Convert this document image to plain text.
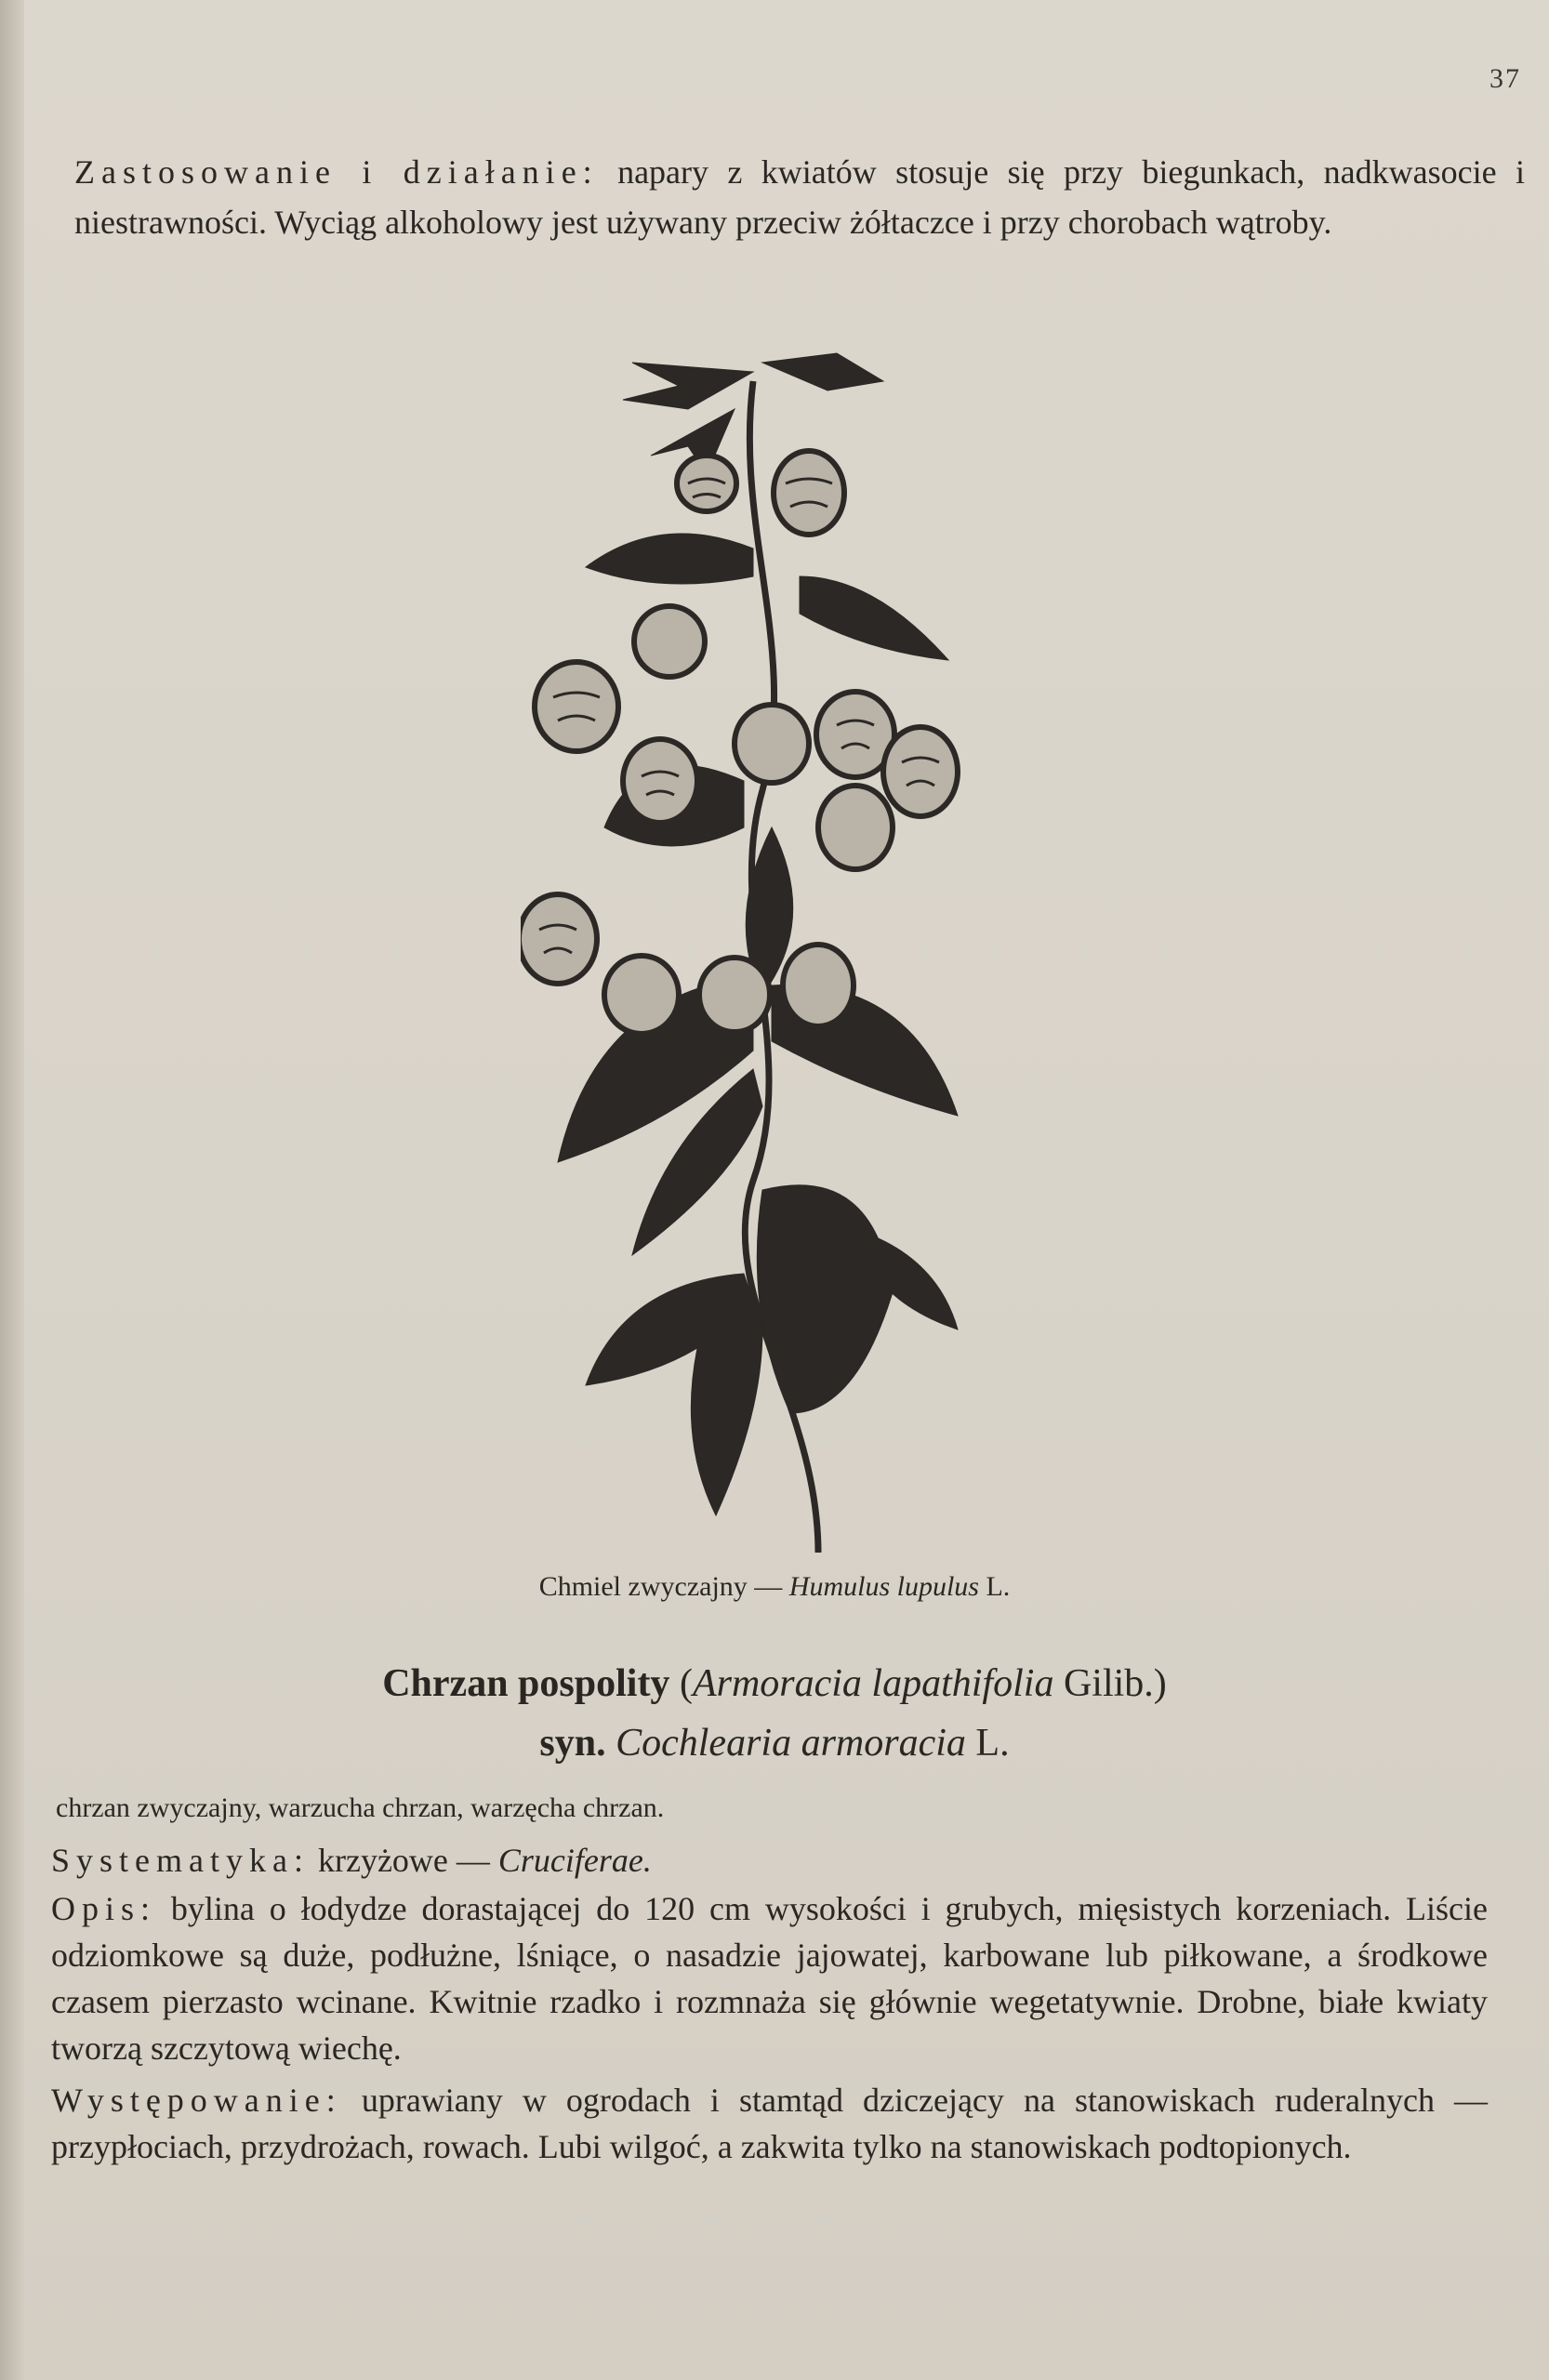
37
Zastosowanie i działanie: napary z kwiatów stosuje się przy biegunkach, nadkwasocie i niestrawności. Wyciąg alkoholowy jest używany przeciw żółtaczce i przy chorobach wątroby.
Chmiel zwyczajny — Humulus lupulus L.
Chrzan pospolity (Armoracia lapathifolia Gilib.)
syn. Cochlearia armoracia L.
chrzan zwyczajny, warzucha chrzan, warzęcha chrzan.
Systematyka: krzyżowe — Cruciferae.
Opis: bylina o łodydze dorastającej do 120 cm wysokości i grubych, mięsistych korzeniach. Liście odziomkowe są duże, podłużne, lśniące, o nasadzie jajowatej, karbowane lub piłkowane, a środkowe czasem pierzasto wcinane. Kwitnie rzadko i rozmnaża się głównie wegetatywnie. Drobne, białe kwiaty tworzą szczytową wiechę.
Występowanie: uprawiany w ogrodach i stamtąd dziczejący na stanowiskach ruderalnych — przypłociach, przydrożach, rowach. Lubi wilgoć, a zakwita tylko na stanowiskach podtopionych.
